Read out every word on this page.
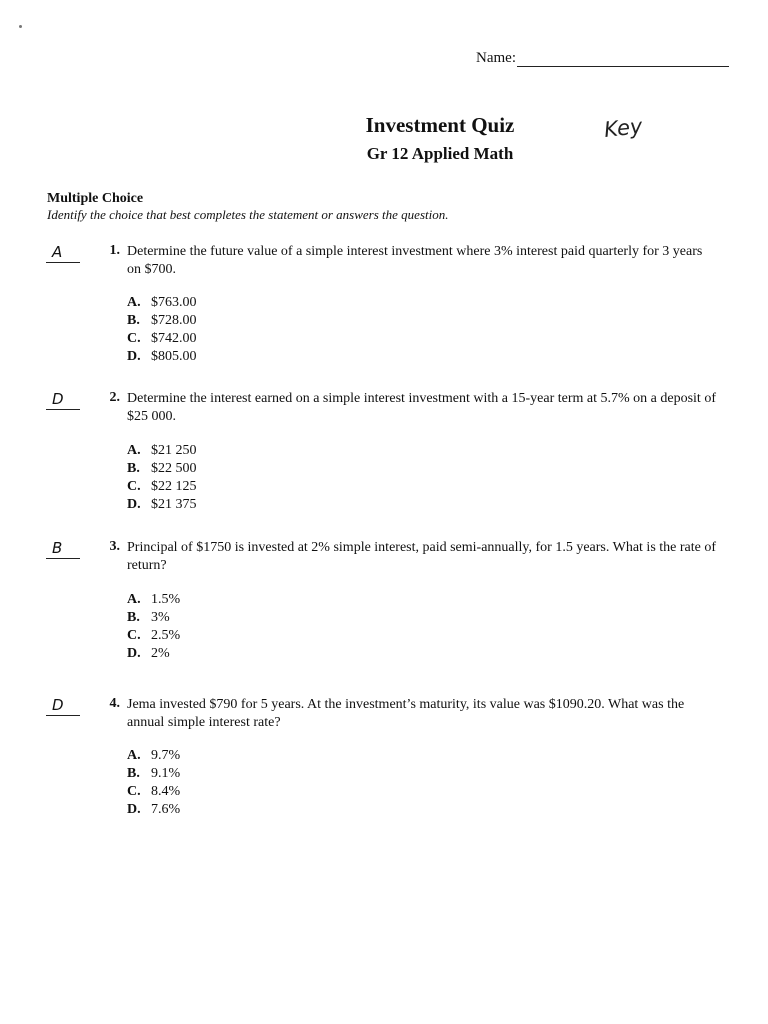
Name:
Investment Quiz
Gr 12 Applied Math
Key
Multiple Choice
Identify the choice that best completes the statement or answers the question.
A	1. Determine the future value of a simple interest investment where 3% interest paid quarterly for 3 years on $700.
A. $763.00
B. $728.00
C. $742.00
D. $805.00
D	2. Determine the interest earned on a simple interest investment with a 15-year term at 5.7% on a deposit of $25 000.
A. $21 250
B. $22 500
C. $22 125
D. $21 375
B	3. Principal of $1750 is invested at 2% simple interest, paid semi-annually, for 1.5 years. What is the rate of return?
A. 1.5%
B. 3%
C. 2.5%
D. 2%
D	4. Jema invested $790 for 5 years. At the investment’s maturity, its value was $1090.20. What was the annual simple interest rate?
A. 9.7%
B. 9.1%
C. 8.4%
D. 7.6%
